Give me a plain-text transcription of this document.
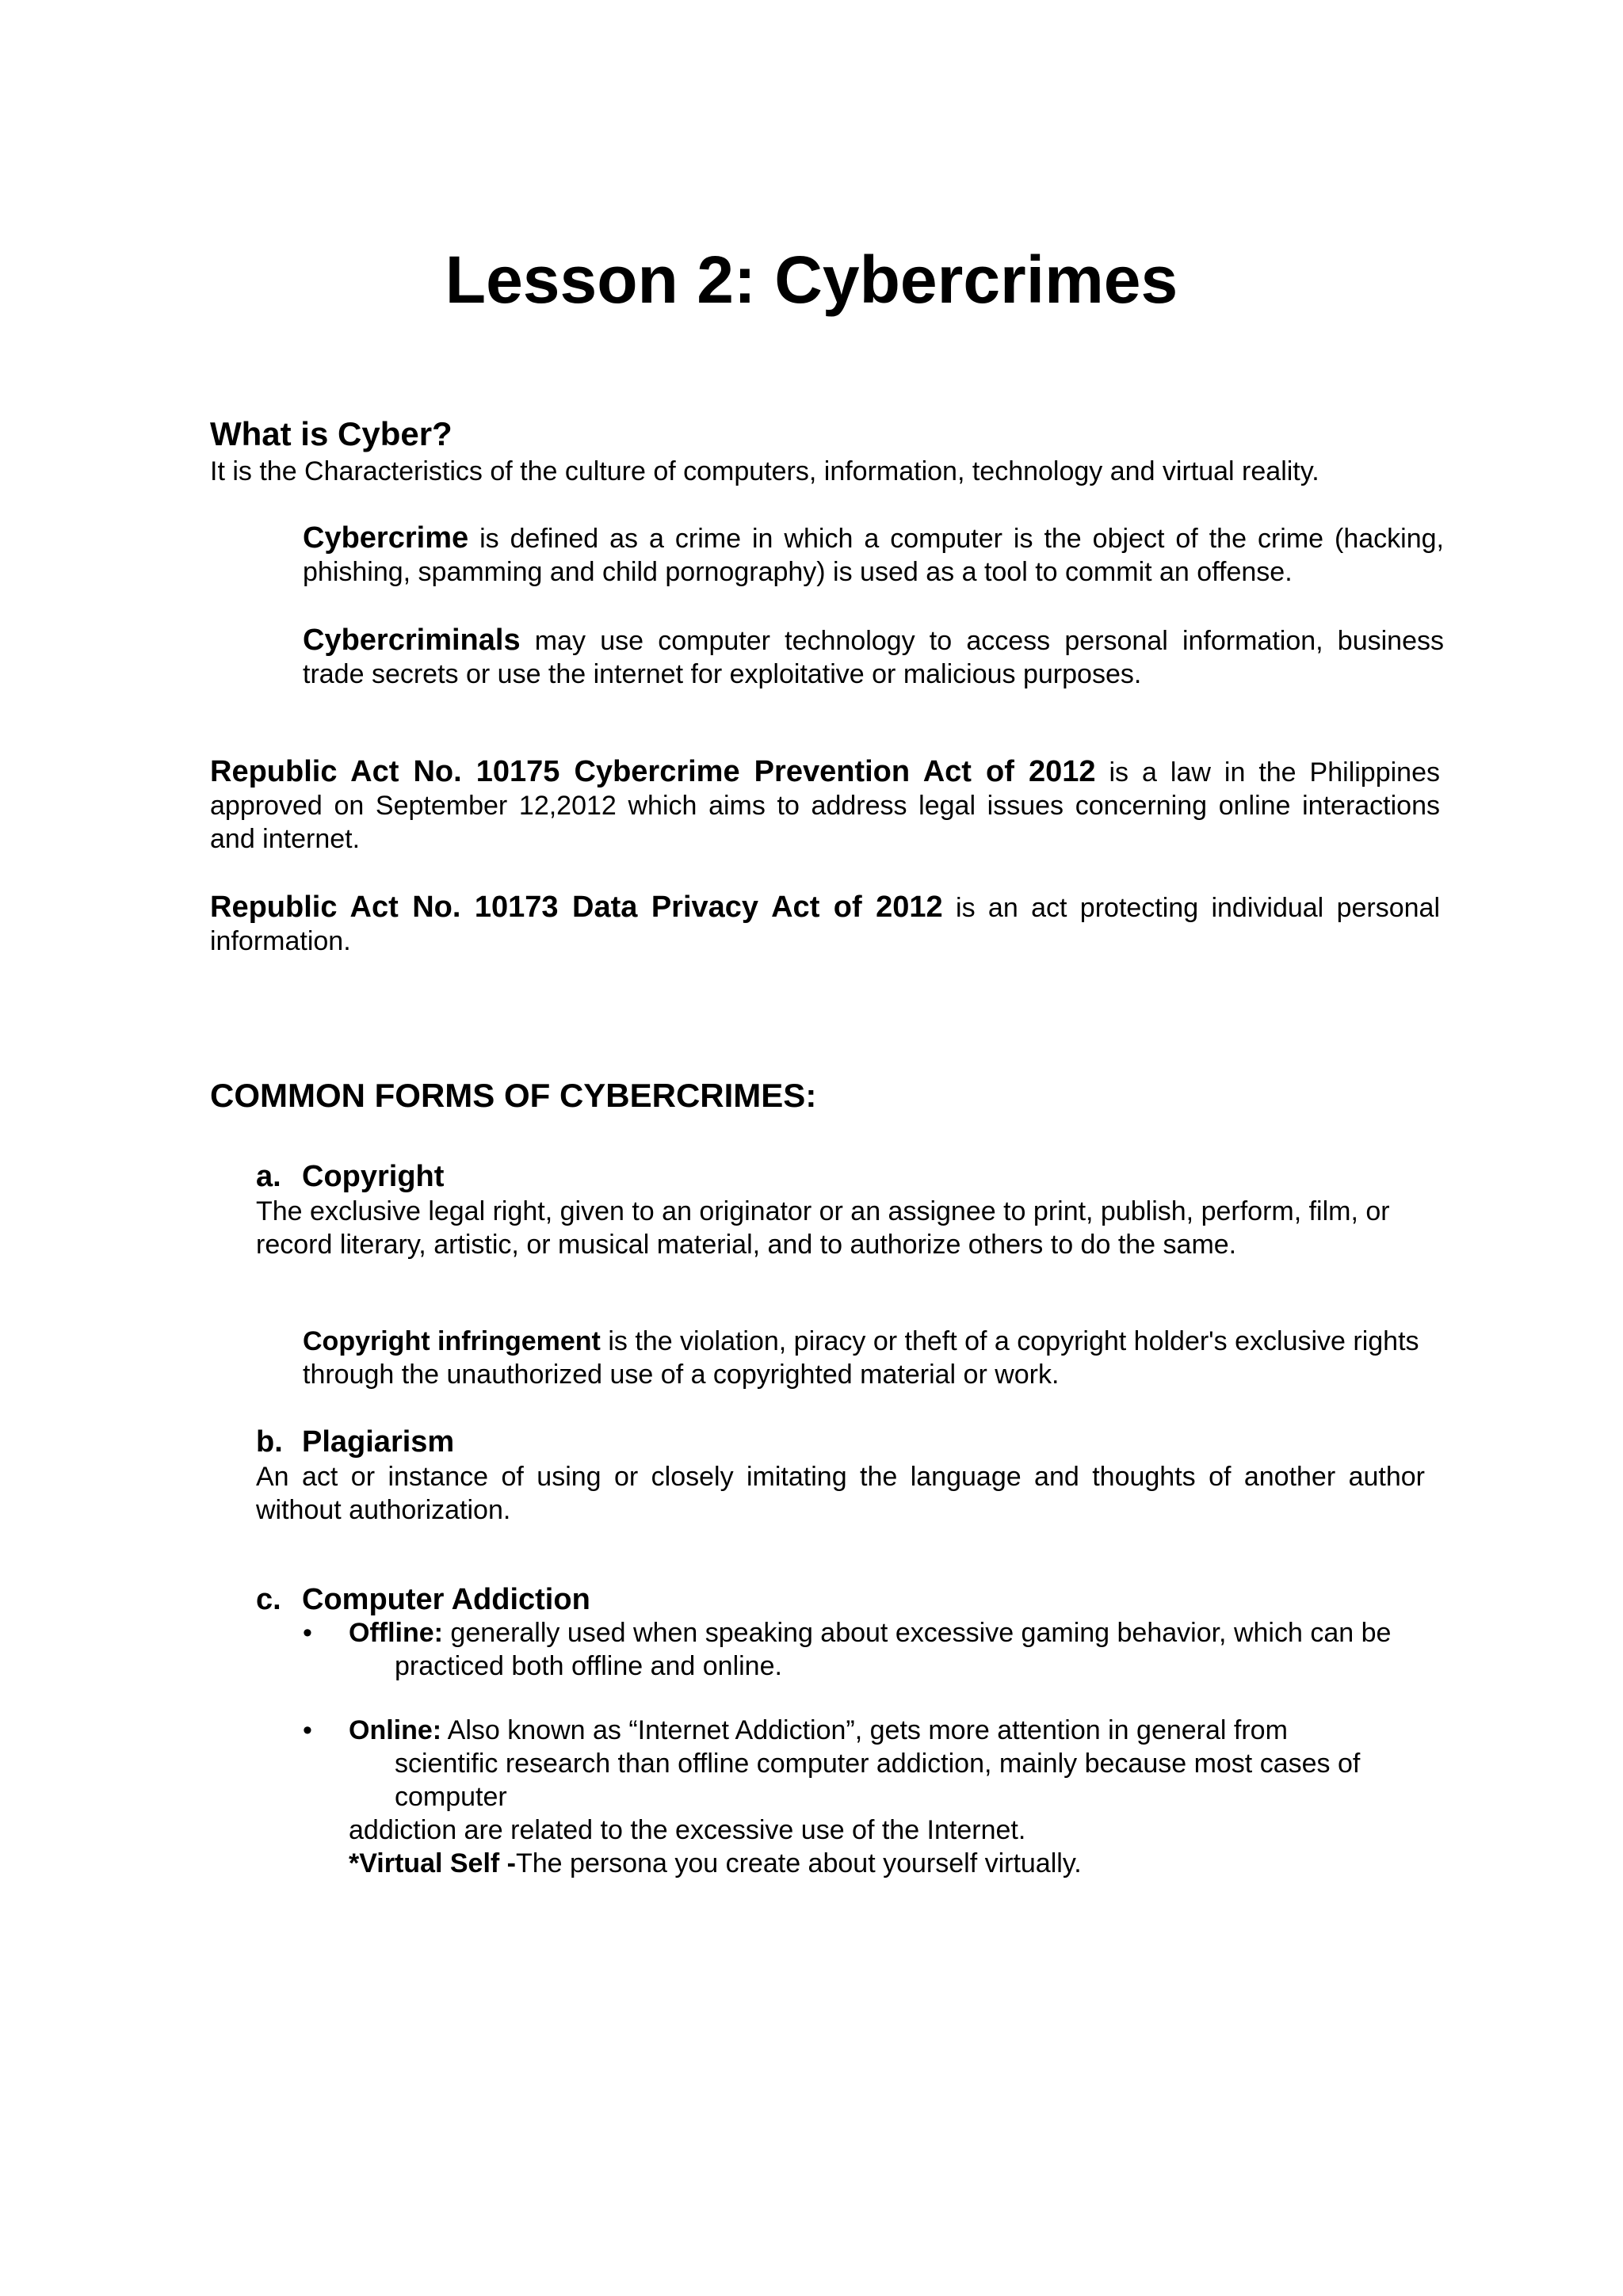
Lesson 2: Cybercrimes
What is Cyber?

It is the Characteristics of the culture of computers, information, technology and virtual reality.

Cybercrime is defined as a crime in which a computer is the object of the crime (hacking, phishing, spamming and child pornography) is used as a tool to commit an offense.

Cybercriminals may use computer technology to access personal information, business trade secrets or use the internet for exploitative or malicious purposes.

Republic Act No. 10175 Cybercrime Prevention Act of 2012 is a law in the Philippines approved on September 12,2012 which aims to address legal issues concerning online interactions and internet.

Republic Act No. 10173 Data Privacy Act of 2012 is an act protecting individual personal information.

COMMON FORMS OF CYBERCRIMES:
a. Copyright

The exclusive legal right, given to an originator or an assignee to print, publish, perform, film, or record literary, artistic, or musical material, and to authorize others to do the same.

Copyright infringement is the violation, piracy or theft of a copyright holder's exclusive rights through the unauthorized use of a copyrighted material or work.

b. Plagiarism

An act or instance of using or closely imitating the language and thoughts of another author without authorization.

c. Computer Addiction
• Offline: generally used when speaking about excessive gaming behavior, which can be

practiced both offline and online.

• Online: Also known as “Internet Addiction”, gets more attention in general from

scientific research than offline computer addiction, mainly because most cases of

computer

addiction are related to the excessive use of the Internet.

*Virtual Self -The persona you create about yourself virtually.
